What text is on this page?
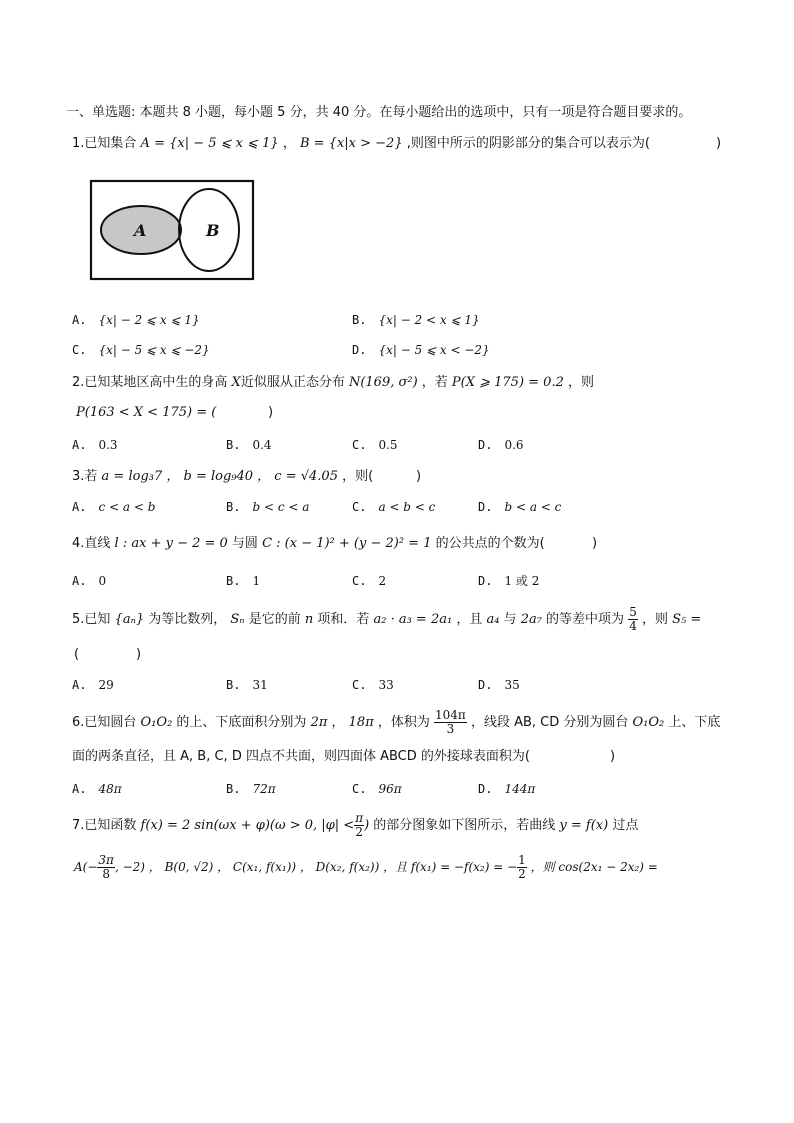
一、单选题: 本题共 8 小题，每小题 5 分，共 40 分。在每小题给出的选项中，只有一项是符合题目要求的。
1.已知集合 A = {x| − 5 ⩽ x ⩽ 1} ， B = {x|x > −2} ,则图中所示的阴影部分的集合可以表示为(	)
A	B
A. {x| − 2 ⩽ x ⩽ 1}	B. {x| − 2 < x ⩽ 1}
C. {x| − 5 ⩽ x ⩽ −2}	D. {x| − 5 ⩽ x < −2}
2.已知某地区高中生的身高 X近似服从正态分布 N(169, σ²) ，若 P(X ⩾ 175) = 0.2 ，则
P(163 < X < 175) = (	)
A. 0.3	B. 0.4	C. 0.5	D. 0.6
3.若 a = log₃7 ， b = log₉40 ， c = √4.05 ，则(	)
A. c < a < b	B. b < c < a	C. a < b < c	D. b < a < c
4.直线 l : ax + y − 2 = 0 与圆 C : (x − 1)² + (y − 2)² = 1 的公共点的个数为(	)
A. 0	B. 1	C. 2	D. 1 或 2
5.已知 {aₙ} 为等比数列， Sₙ 是它的前 n 项和．若 a₂ · a₃ = 2a₁ ，且 a₄ 与 2a₇ 的等差中项为 $\frac{5}{4}$ ，则 S₅ =
(	)
A. 29	B. 31	C. 33	D. 35
6.已知圆台 O₁O₂ 的上、下底面积分别为 2π ， 18π ，体积为 $\frac{104\pi}{3}$ ，线段 AB, CD 分别为圆台 O₁O₂ 上、下底
面的两条直径，且 A, B, C, D 四点不共面，则四面体 ABCD 的外接球表面积为(	)
A. 48π	B. 72π	C. 96π	D. 144π
7.已知函数 f(x) = 2 sin(ωx + φ)(ω > 0, $|\varphi| < \frac{\pi}{2}$ ) 的部分图象如下图所示，若曲线 y = f(x) 过点
$A(- \frac{3\pi}{8}$ , −2) ， B(0, √2) ， C(x₁, f(x₁)) ， D(x₂, f(x₂)) ，且 f(x₁) = −f(x₂) = − $\frac{1}{2}$ ，则 cos(2x₁ − 2x₂) =
